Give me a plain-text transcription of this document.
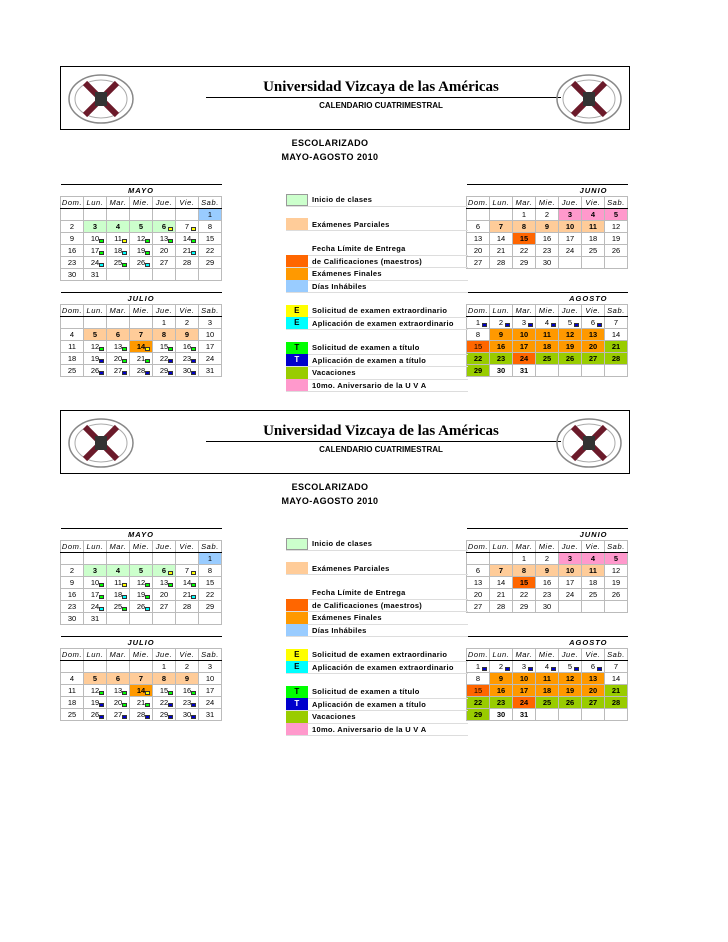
Universidad Vizcaya de las Américas
CALENDARIO CUATRIMESTRAL
ESCOLARIZADO
MAYO-AGOSTO 2010
MAYO						
Dom.	Lun.	Mar.	Mie.	Jue.	Vie.	Sab.
						1
2	3	4	5	6	7	8
9	10	11	12	13	14	15
16	17	18	19	20	21	22
23	24	25	26	27	28	29
30	31					
JUNIO						
Dom.	Lun.	Mar.	Mie.	Jue.	Vie.	Sab.
		1	2	3	4	5
6	7	8	9	10	11	12
13	14	15	16	17	18	19
20	21	22	23	24	25	26
27	28	29	30			
JULIO						
Dom.	Lun.	Mar.	Mie.	Jue.	Vie.	Sab.
				1	2	3
4	5	6	7	8	9	10
11	12	13	14	15	16	17
18	19	20	21	22	23	24
25	26	27	28	29	30	31
AGOSTO						
Dom.	Lun.	Mar.	Mie.	Jue.	Vie.	Sab.
1	2	3	4	5	6	7
8	9	10	11	12	13	14
15	16	17	18	19	20	21
22	23	24	25	26	27	28
29	30	31				
Inicio de clases
Exámenes Parciales
Fecha Límite de Entrega
de Calificaciones (maestros)
Exámenes Finales
Días Inhábiles
E	Solicitud de examen extraordinario
E	Aplicación de examen extraordinario
T	Solicitud de examen a título
T	Aplicación de examen a título
Vacaciones
10mo. Aniversario de la U V A
Universidad Vizcaya de las Américas
CALENDARIO CUATRIMESTRAL
ESCOLARIZADO
MAYO-AGOSTO 2010
MAYO						
Dom.	Lun.	Mar.	Mie.	Jue.	Vie.	Sab.
						1
2	3	4	5	6	7	8
9	10	11	12	13	14	15
16	17	18	19	20	21	22
23	24	25	26	27	28	29
30	31					
JUNIO						
Dom.	Lun.	Mar.	Mie.	Jue.	Vie.	Sab.
		1	2	3	4	5
6	7	8	9	10	11	12
13	14	15	16	17	18	19
20	21	22	23	24	25	26
27	28	29	30			
JULIO						
Dom.	Lun.	Mar.	Mie.	Jue.	Vie.	Sab.
				1	2	3
4	5	6	7	8	9	10
11	12	13	14	15	16	17
18	19	20	21	22	23	24
25	26	27	28	29	30	31
AGOSTO						
Dom.	Lun.	Mar.	Mie.	Jue.	Vie.	Sab.
1	2	3	4	5	6	7
8	9	10	11	12	13	14
15	16	17	18	19	20	21
22	23	24	25	26	27	28
29	30	31				
Inicio de clases
Exámenes Parciales
Fecha Límite de Entrega
de Calificaciones (maestros)
Exámenes Finales
Días Inhábiles
E	Solicitud de examen extraordinario
E	Aplicación de examen extraordinario
T	Solicitud de examen a título
T	Aplicación de examen a título
Vacaciones
10mo. Aniversario de la U V A
